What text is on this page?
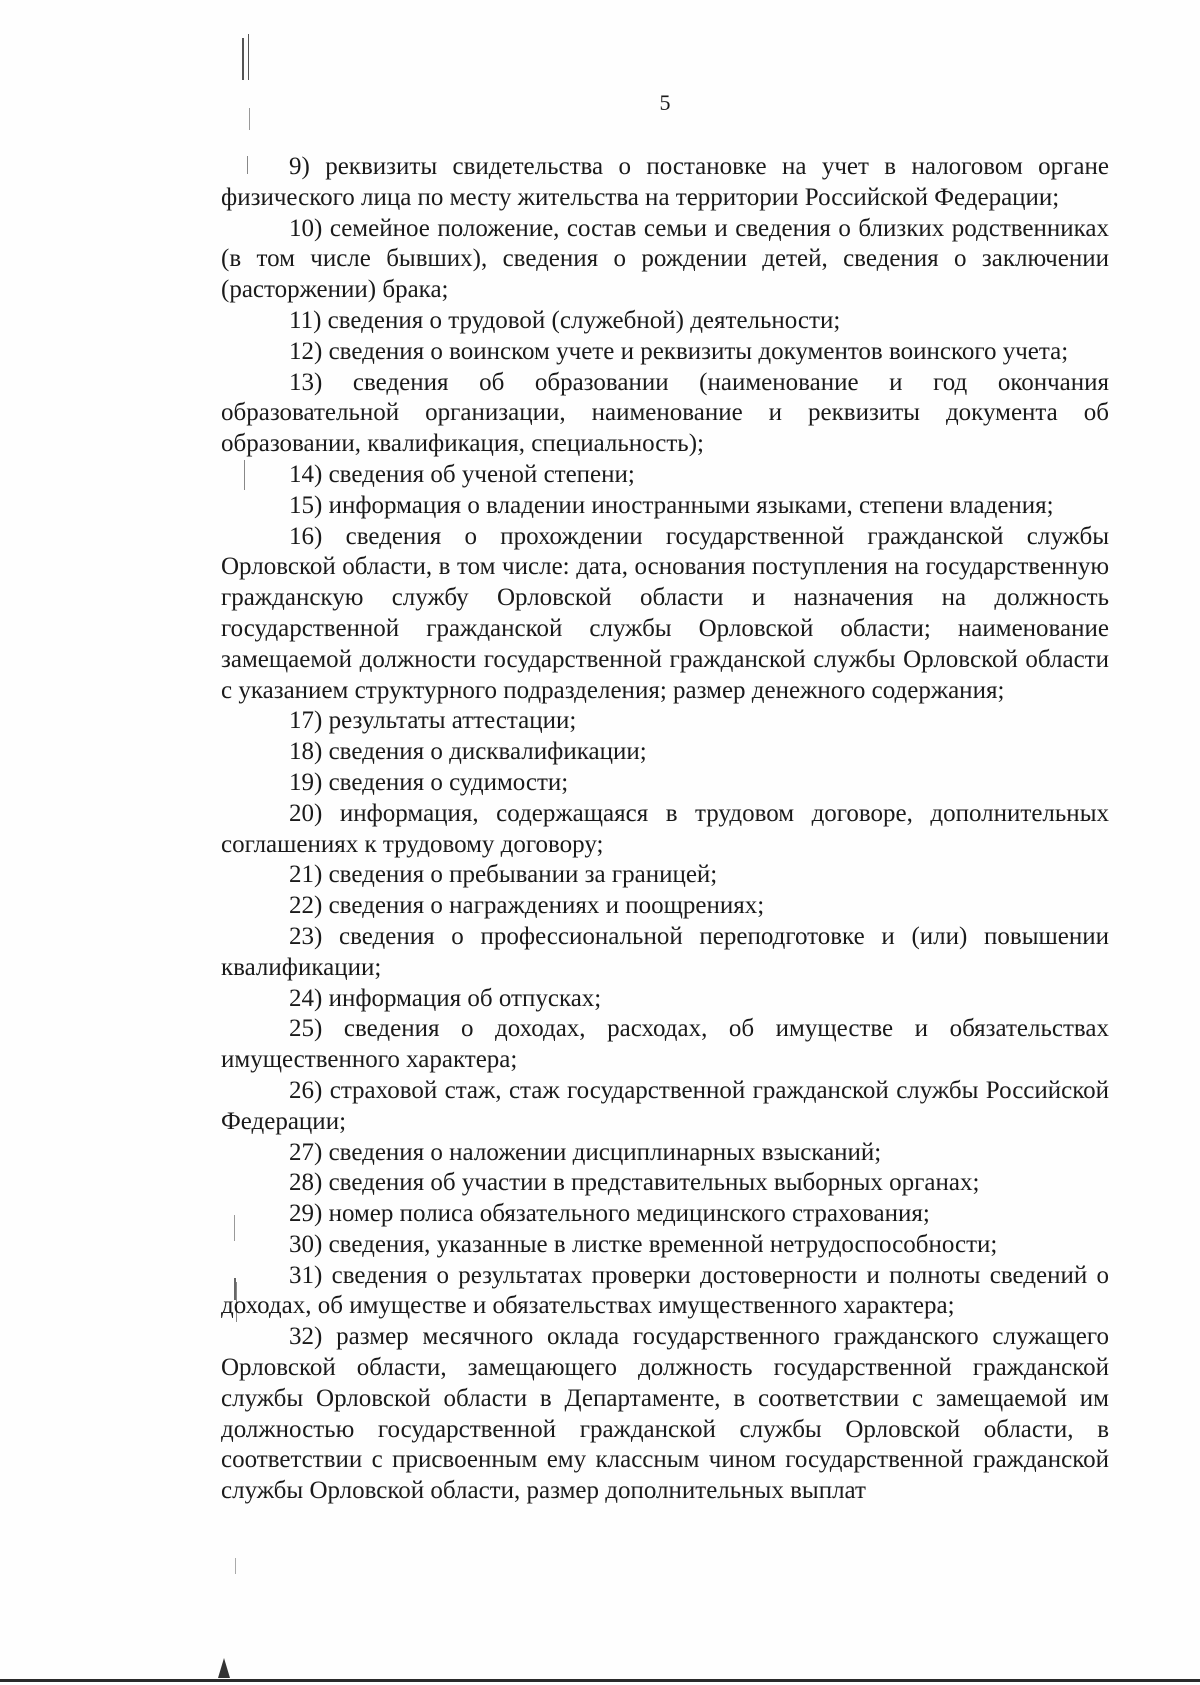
5

9) реквизиты свидетельства о постановке на учет в налоговом органе физического лица по месту жительства на территории Российской Федерации;

10) семейное положение, состав семьи и сведения о близких родственниках (в том числе бывших), сведения о рождении детей, сведения о заключении (расторжении) брака;

11) сведения о трудовой (служебной) деятельности;

12) сведения о воинском учете и реквизиты документов воинского учета;

13) сведения об образовании (наименование и год окончания образовательной организации, наименование и реквизиты документа об образовании, квалификация, специальность);

14) сведения об ученой степени;

15) информация о владении иностранными языками, степени владения;

16) сведения о прохождении государственной гражданской службы Орловской области, в том числе: дата, основания поступления на государственную гражданскую службу Орловской области и назначения на должность государственной гражданской службы Орловской области; наименование замещаемой должности государственной гражданской службы Орловской области с указанием структурного подразделения; размер денежного содержания;

17) результаты аттестации;

18) сведения о дисквалификации;

19) сведения о судимости;

20) информация, содержащаяся в трудовом договоре, дополнительных соглашениях к трудовому договору;

21) сведения о пребывании за границей;

22) сведения о награждениях и поощрениях;

23) сведения о профессиональной переподготовке и (или) повышении квалификации;

24) информация об отпусках;

25) сведения о доходах, расходах, об имуществе и обязательствах имущественного характера;

26) страховой стаж, стаж государственной гражданской службы Российской Федерации;

27) сведения о наложении дисциплинарных взысканий;

28) сведения об участии в представительных выборных органах;

29) номер полиса обязательного медицинского страхования;

30) сведения, указанные в листке временной нетрудоспособности;

31) сведения о результатах проверки достоверности и полноты сведений о доходах, об имуществе и обязательствах имущественного характера;

32) размер месячного оклада государственного гражданского служащего Орловской области, замещающего должность государственной гражданской службы Орловской области в Департаменте, в соответствии с замещаемой им должностью государственной гражданской службы Орловской области, в соответствии с присвоенным ему классным чином государственной гражданской службы Орловской области, размер дополнительных выплат
